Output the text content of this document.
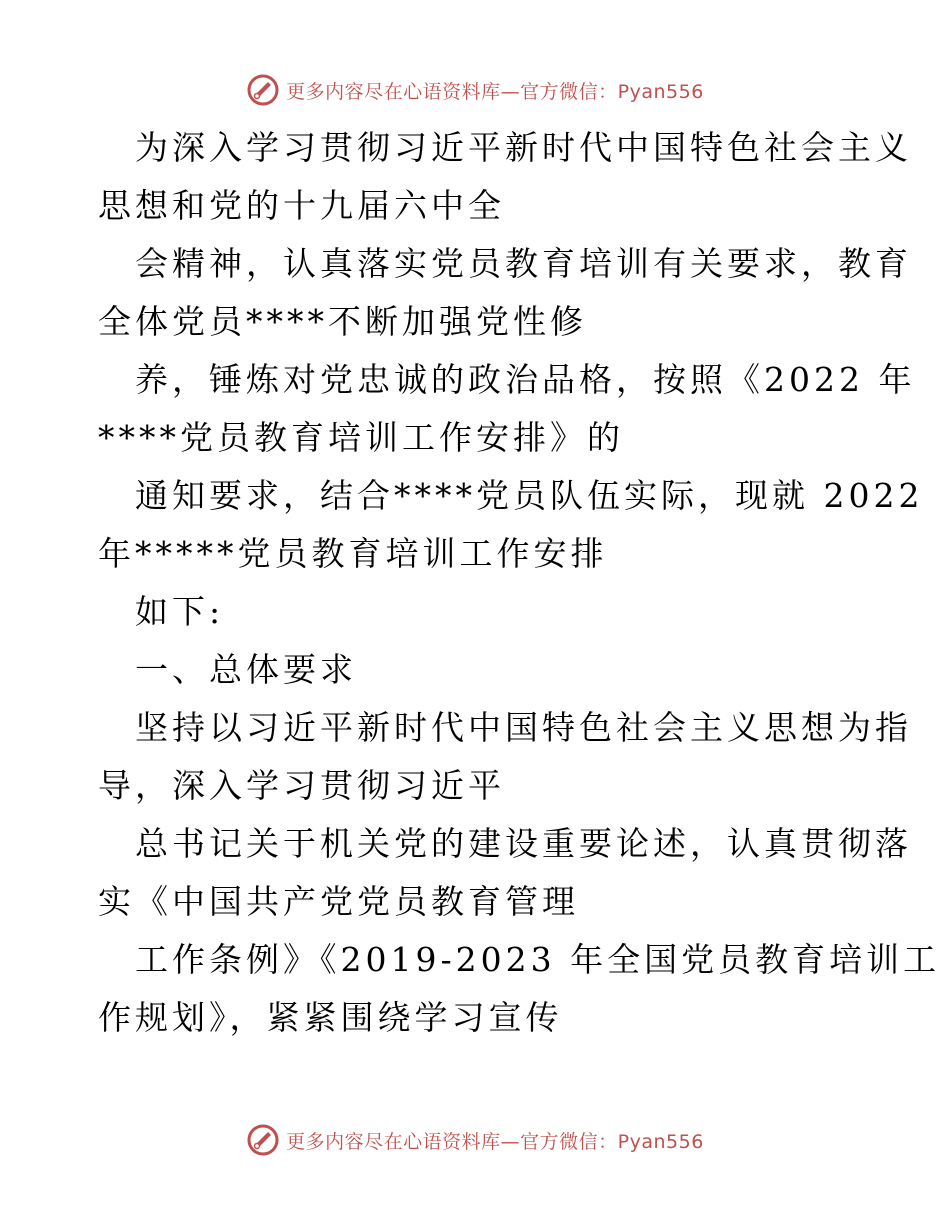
更多内容尽在心语资料库—官方微信：Pyan556
为深入学习贯彻习近平新时代中国特色社会主义
思想和党的十九届六中全
会精神，认真落实党员教育培训有关要求，教育
全体党员****不断加强党性修
养，锤炼对党忠诚的政治品格，按照《2022 年
****党员教育培训工作安排》的
通知要求，结合****党员队伍实际，现就 2022
年*****党员教育培训工作安排
如下:
一、总体要求
坚持以习近平新时代中国特色社会主义思想为指
导，深入学习贯彻习近平
总书记关于机关党的建设重要论述，认真贯彻落
实《中国共产党党员教育管理
工作条例》《2019-2023 年全国党员教育培训工
作规划》，紧紧围绕学习宣传
更多内容尽在心语资料库—官方微信：Pyan556
